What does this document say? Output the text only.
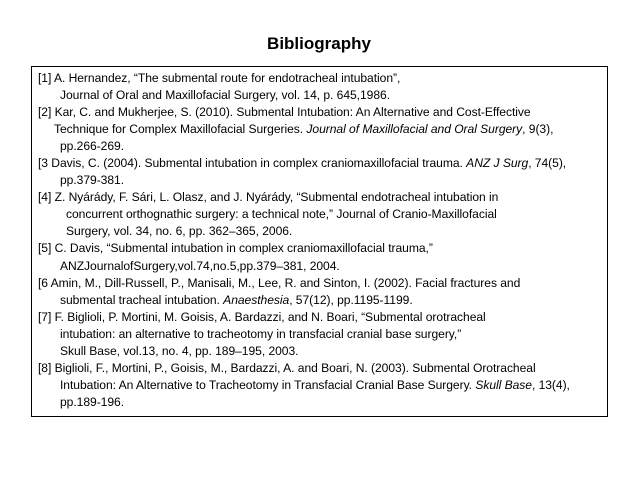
Bibliography
[1] A. Hernandez, “The submental route for endotracheal intubation”,
Journal of Oral and Maxillofacial Surgery, vol. 14, p. 645,1986.
[2] Kar, C. and Mukherjee, S. (2010). Submental Intubation: An Alternative and Cost-Effective
Technique for Complex Maxillofacial Surgeries. Journal of Maxillofacial and Oral Surgery, 9(3),
pp.266-269.
[3 Davis, C. (2004). Submental intubation in complex craniomaxillofacial trauma. ANZ J Surg, 74(5),
pp.379-381.
[4] Z. Nyárády, F. Sári, L. Olasz, and J. Nyárády, “Submental endotracheal intubation in
concurrent orthognathic surgery: a technical note,” Journal of Cranio-Maxillofacial
Surgery, vol. 34, no. 6, pp. 362–365, 2006.
[5] C. Davis, “Submental intubation in complex craniomaxillofacial trauma,”
ANZJournalofSurgery,vol.74,no.5,pp.379–381, 2004.
[6 Amin, M., Dill-Russell, P., Manisali, M., Lee, R. and Sinton, I. (2002). Facial fractures and
submental tracheal intubation. Anaesthesia, 57(12), pp.1195-1199.
[7] F. Biglioli, P. Mortini, M. Goisis, A. Bardazzi, and N. Boari, “Submental orotracheal
intubation: an alternative to tracheotomy in transfacial cranial base surgery,”
Skull Base, vol.13, no. 4, pp. 189–195, 2003.
[8] Biglioli, F., Mortini, P., Goisis, M., Bardazzi, A. and Boari, N. (2003). Submental Orotracheal
Intubation: An Alternative to Tracheotomy in Transfacial Cranial Base Surgery. Skull Base, 13(4),
pp.189-196.
